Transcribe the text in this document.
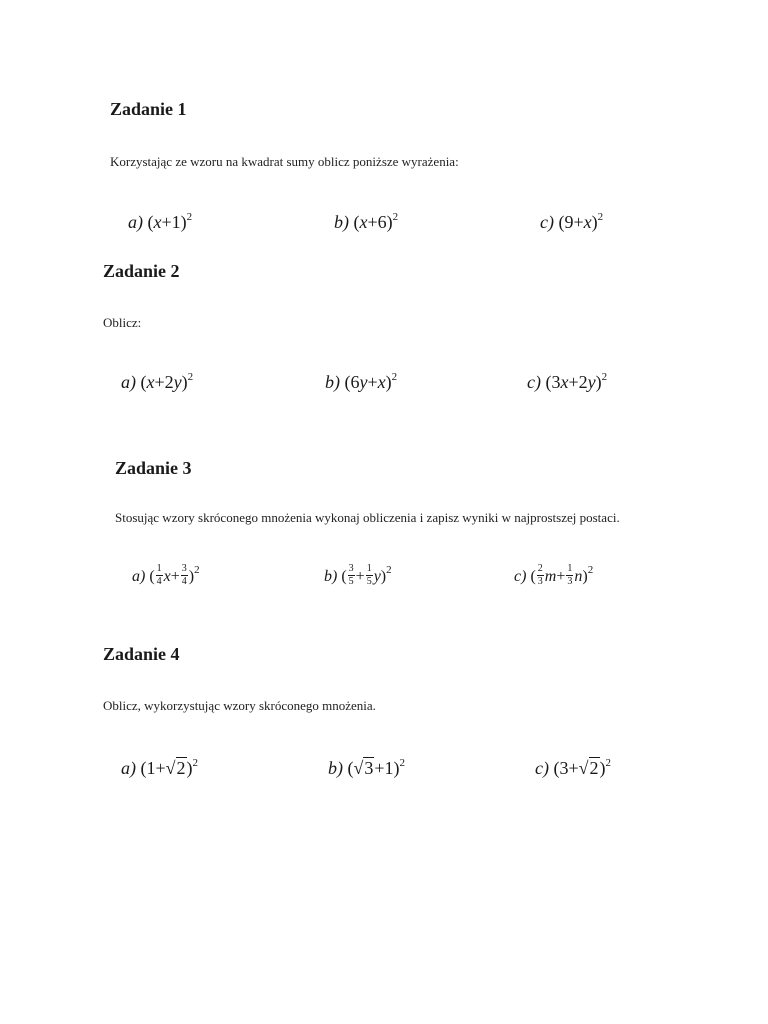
Zadanie 1
Korzystając ze wzoru na kwadrat sumy oblicz poniższe wyrażenia:
a) $(x+1)^2$	b) $(x+6)^2$	c) $(9+x)^2$
Zadanie 2
Oblicz:
a) $(x+2y)^2$	b) $(6y+x)^2$	c) $(3x+2y)^2$
Zadanie 3
Stosując wzory skróconego mnożenia wykonaj obliczenia i zapisz wyniki w najprostszej postaci.
a) ( $\frac{1}{4} x+ \frac{3}{4} )^2$	b) ( $\frac{3}{5} + \frac{1}{5} y)^2$	c) ( $\frac{2}{3} m+ \frac{1}{3} n)^2$
Zadanie 4
Oblicz, wykorzystując wzory skróconego mnożenia.
a) $(1+√2)^2$	b) $(√3+1)^2$	c) $(3+√2)^2$
